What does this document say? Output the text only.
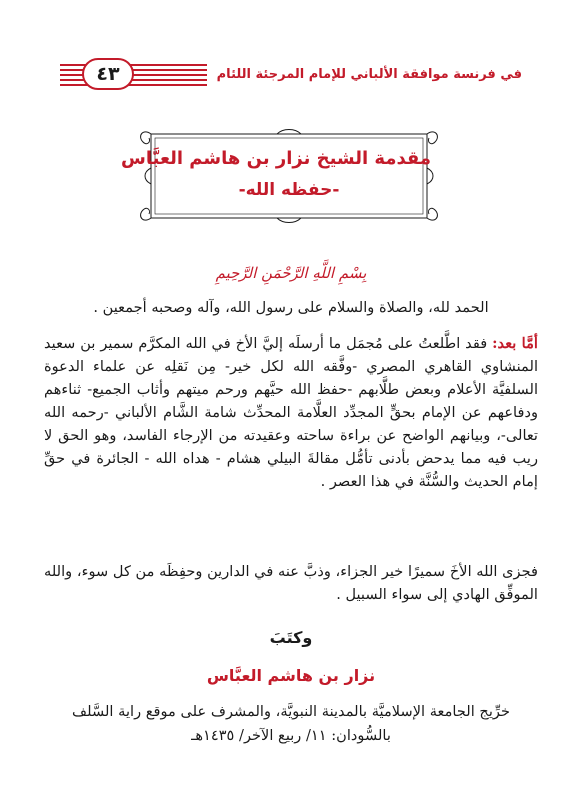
في فرنسة موافقة الألباني للإمام المرجئة اللئام
٤٣
مقدمة الشيخ نزار بن هاشم العبَّاس
-حفظه الله-
بِسْمِ اللَّهِ الرَّحْمَنِ الرَّحِيمِ
الحمد لله، والصلاة والسلام على رسول الله، وآله وصحبه أجمعين .
أمَّا بعد: فقد اطَّلعتُ على مُجمَل ما أرسلَه إليَّ الأخ في الله المكرَّم سمير بن سعيد المنشاوي القاهري المصري -وفَّقه الله لكل خير- مِن نَقلِه عن علماء الدعوة السلفيَّة الأعلام وبعض طلَّابهم -حفظ الله حيَّهم ورحم ميتهم وأثاب الجميع- ثناءهم ودفاعهم عن الإمام بحقٍّ المجدِّد العلَّامة المحدِّث شامة الشَّام الألباني -رحمه الله تعالى-، وبيانهم الواضح عن براءة ساحته وعقيدته من الإرجاء الفاسد، وهو الحق لا ريب فيه مما يدحض بأدنى تأمُّل مقالةَ البيلي هشام - هداه الله - الجائرة في حقِّ إمام الحديث والسُّنَّة في هذا العصر .
فجزى الله الأخَ سميرًا خير الجزاء، وذبَّ عنه في الدارين وحفِظَه من كل سوء، والله الموفِّق الهادي إلى سواء السبيل .
وكتَبَ
نزار بن هاشم العبَّاس
خرِّيج الجامعة الإسلاميَّة بالمدينة النبويَّة، والمشرف على موقع راية السَّلف
بالسُّودان: ١١/ ربيع الآخر/ ١٤٣٥هـ
